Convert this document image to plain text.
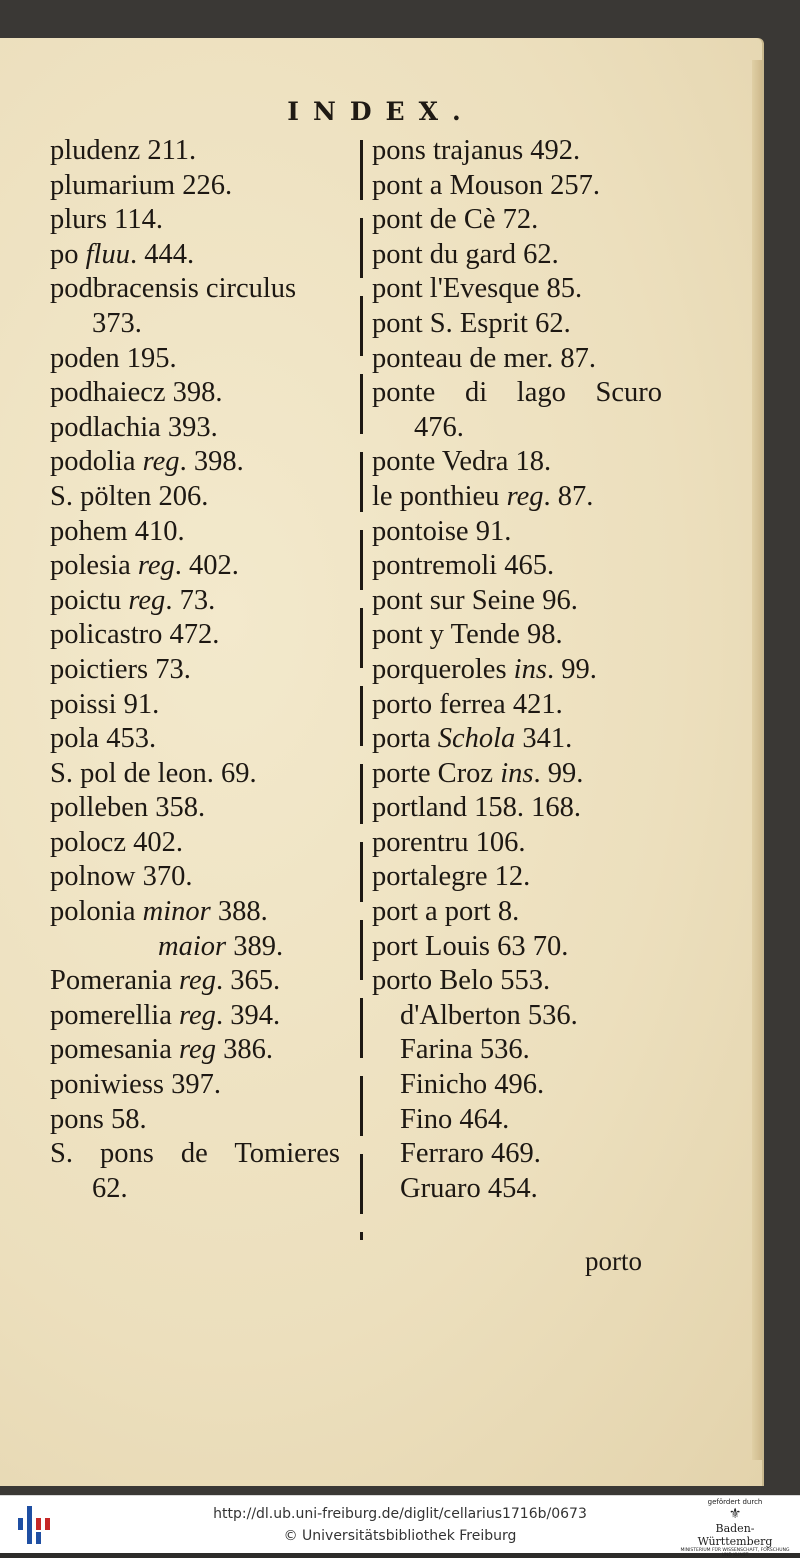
INDEX.
pludenz 211.
plumarium 226.
plurs 114.
po fluu. 444.
podbracensis circulus
373.
poden 195.
podhaiecz 398.
podlachia 393.
podolia reg. 398.
S. pölten 206.
pohem 410.
polesia reg. 402.
poictu reg. 73.
policastro 472.
poictiers 73.
poissi 91.
pola 453.
S. pol de leon. 69.
polleben 358.
polocz 402.
polnow 370.
polonia minor 388.
maior 389.
Pomerania reg. 365.
pomerellia reg. 394.
pomesania reg 386.
poniwiess 397.
pons 58.
S. pons de Tomieres
62.
pons trajanus 492.
pont a Mouson 257.
pont de Cè 72.
pont du gard 62.
pont l'Evesque 85.
pont S. Esprit 62.
ponteau de mer. 87.
ponte di lago Scuro
476.
ponte Vedra 18.
le ponthieu reg. 87.
pontoise 91.
pontremoli 465.
pont sur Seine 96.
pont y Tende 98.
porqueroles ins. 99.
porto ferrea 421.
porta Schola 341.
porte Croz ins. 99.
portland 158. 168.
porentru 106.
portalegre 12.
port a port 8.
port Louis 63 70.
porto Belo 553.
d'Alberton 536.
Farina 536.
Finicho 496.
Fino 464.
Ferraro 469.
Gruaro 454.
porto
http://dl.ub.uni-freiburg.de/diglit/cellarius1716b/0673
© Universitätsbibliothek Freiburg
gefördert durch
⚜
Baden-Württemberg
MINISTERIUM FÜR WISSENSCHAFT, FORSCHUNG UND KUNST
